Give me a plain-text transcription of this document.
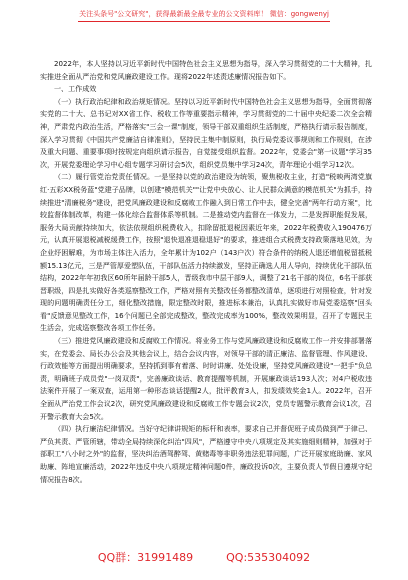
关注头条号"公文研究"，获得最新最全最专业的公文资料库！ 微信：gongwenyj

2022年，本人坚持以习近平新时代中国特色社会主义思想为指导，深入学习贯彻党的二十大精神，扎实推进全面从严治党和党风廉政建设工作。现将2022年述责述廉情况报告如下。

一、工作成效

（一）执行政治纪律和政治规矩情况。坚持以习近平新时代中国特色社会主义思想为指导，全面贯彻落实党的二十大、总书记对XX省工作、税收工作等重要指示精神，学习贯彻党的二十届中央纪委二次全会精神，严肃党内政治生活，严格落实"三会一课"制度，领导干部双重组织生活制度，严格执行请示报告制度，深入学习贯彻《中国共产党廉洁自律准则》，坚持民主集中制原则，执行局党委议事规则和工作规则，在涉及重大问题、重要事项时按规定向组织请示报告，自觉接受组织监督。2022年，党委会"第一议题"学习35次，开展党委理论学习中心组专题学习研讨会5次，组织党员集中学习24次，青年理论小组学习12次。

（二）履行管党治党责任情况。一是坚持以党的政治建设为统领，聚焦税收主业，打造"税映两湾党旗红·五彩XX税务蓝"党建子品牌，以创建"模范机关""让党中央放心、让人民群众满意的模范机关"为抓手，持续推进"清廉税务"建设，把党风廉政建设和反腐败工作融入到日常工作中去，健全完善"两年行动方案"，比较监督体制改革，构建一体化综合监督体系等机制。二是推动党内监督在一体发力，二是发挥职能促发展，服务大局贡献持续加大，依法依规组织税费收入，扣除留抵退税因素近年来，2022年税费收入190476万元，认真开展退税减税缓费工作，按照"退快退准退稳退好"的要求，推进组合式税费支持政策落地见效，为企业纾困解难，为市场主体注入活力，全年累计为102户（143户次）符合条件的纳税人退还增值税留抵税额15.13亿元，三是严管厚爱塑队伍，干部队伍活力持续激发，坚持正确选人用人导向，持续优化干部队伍结构，2022年年初我区60所年届龄干部5人，晋级我市中层干部9人，调整了21名干部的岗位，6名干部获晋职级，四是扎实做好各类巡察整改工作，严格对照有关整改任务都整改清单，逐项进行对照检查，针对发现的问题明确责任分工，细化整改措施，限定整改时限，推进标本兼治，认真扎实做好市局党委巡察"回头看"反馈意见整改工作，16个问题已全部完成整改，整改完成率为100%，整改效果明显，召开了专题民主生活会，完成巡察整改各项工作任务。

（三）推进党风廉政建设和反腐败工作情况。将业务工作与党风廉政建设和反腐败工作一并安排部署落实，在党委会、局长办公会及其他会议上，结合会议内容，对领导干部的清正廉洁、监督管理、作风建设、行政效能等方面提出明确要求，坚持抓到事有着落、时时讲廉、处处设廉，坚持党风廉政建设"一把手"负总责，明确班子成员党"一岗双责"，完善廉政谈话、教育提醒等机制，开展廉政谈话193人次；对4户税收违法案件开展了一案双查，运用第一种形态谈话提醒2人，批评教育3人，扣发绩效奖金1人。2022年，召开全面从严治党工作会议2次，研究党风廉政建设和反腐败工作专题会议2次，党员专题警示教育会议1次，召开警示教育大会5次。

（四）执行廉洁纪律情况。当好守纪律讲规矩的标杆和表率，要求自己并督促班子成员做到严于律己、严负其责、严管所辖，带动全局持续深化纠治"四风"，严格遵守中央八项规定及其实施细则精神，加强对于部职工"八小时之外"的监督，坚决纠治酒驾醉驾、黄赌毒等非职务违法犯罪问题，广泛开展家庭助廉、家风助廉、阵地宣廉活动，2022年违反中央八项规定精神问题0件，廉政投诉0次，主要负责人节假日遵规守纪情况报告8次。

QQ群：31991489	QQ:535304092
